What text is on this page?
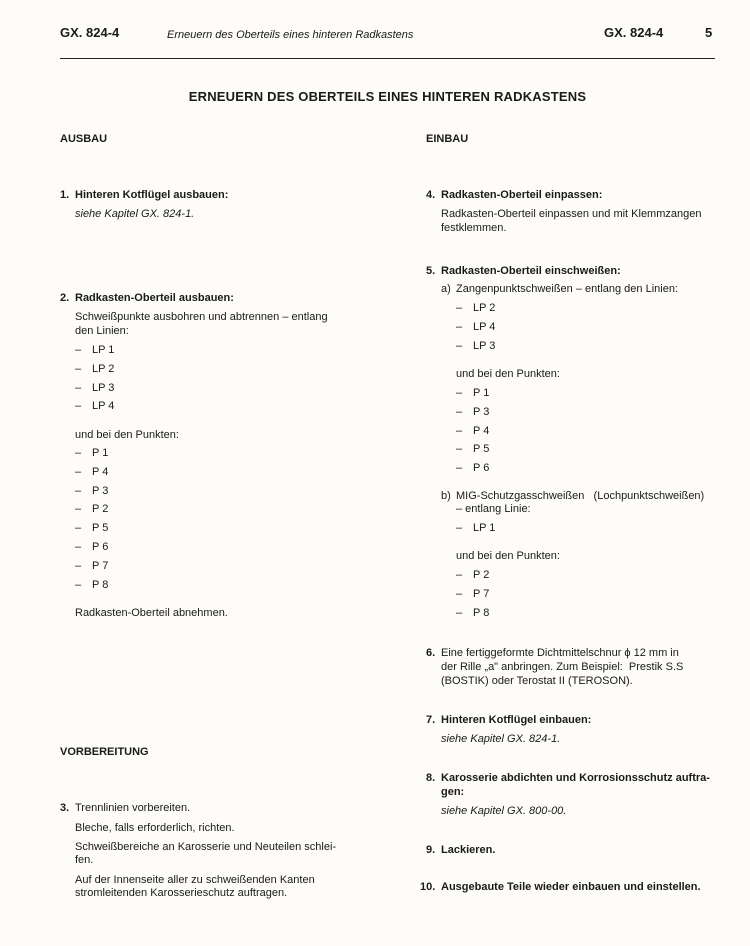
GX. 824-4	Erneuern des Oberteils eines hinteren Radkastens	GX. 824-4	5
ERNEUERN DES OBERTEILS EINES HINTEREN RADKASTENS
AUSBAU
1. Hinteren Kotflügel ausbauen:
siehe Kapitel GX. 824-1.
2. Radkasten-Oberteil ausbauen:
Schweißpunkte ausbohren und abtrennen – entlang
den Linien:
– LP 1
– LP 2
– LP 3
– LP 4
und bei den Punkten:
– P 1
– P 4
– P 3
– P 2
– P 5
– P 6
– P 7
– P 8
Radkasten-Oberteil abnehmen.
VORBEREITUNG
3. Trennlinien vorbereiten.
Bleche, falls erforderlich, richten.
Schweißbereiche an Karosserie und Neuteilen schlei-
fen.
Auf der Innenseite aller zu schweißenden Kanten
stromleitenden Karosserieschutz auftragen.
EINBAU
4. Radkasten-Oberteil einpassen:
Radkasten-Oberteil einpassen und mit Klemmzangen
festklemmen.
5. Radkasten-Oberteil einschweißen:
a) Zangenpunktschweißen – entlang den Linien:
– LP 2
– LP 4
– LP 3
und bei den Punkten:
– P 1
– P 3
– P 4
– P 5
– P 6
b) MIG-Schutzgasschweißen   (Lochpunktschweißen)
– entlang Linie:
– LP 1
und bei den Punkten:
– P 2
– P 7
– P 8
6. Eine fertiggeformte Dichtmittelschnur ϕ 12 mm in
der Rille „a" anbringen. Zum Beispiel:  Prestik S.S
(BOSTIK) oder Terostat II (TEROSON).
7. Hinteren Kotflügel einbauen:
siehe Kapitel GX. 824-1.
8. Karosserie abdichten und Korrosionsschutz auftra-
gen:
siehe Kapitel GX. 800-00.
9. Lackieren.
10. Ausgebaute Teile wieder einbauen und einstellen.
